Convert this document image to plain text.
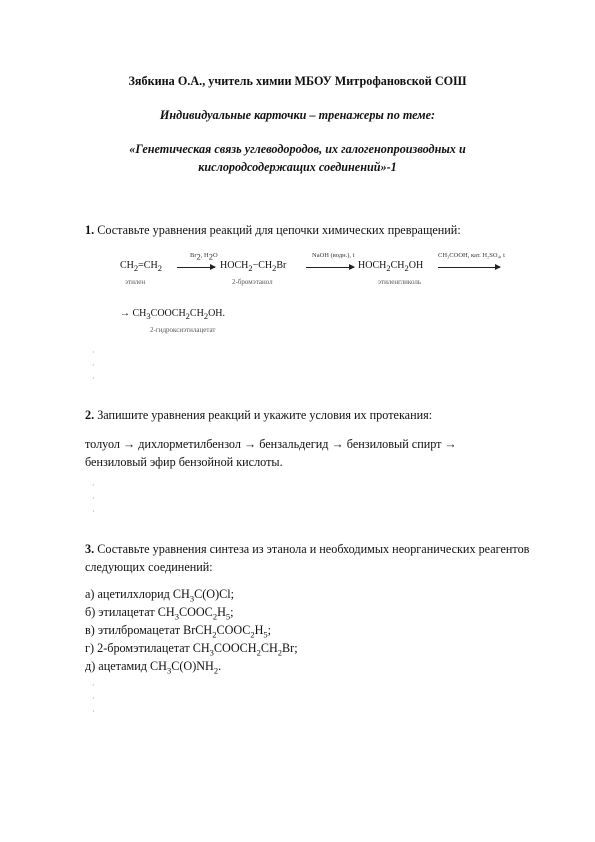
Зябкина О.А., учитель химии МБОУ Митрофановской СОШ
Индивидуальные карточки – тренажеры по теме:
«Генетическая связь углеводородов, их галогенопроизводных и
кислородсодержащих соединений»-1
1. Составьте уравнения реакций для цепочки химических превращений:
$CH_2=CH_2$
этилен
$Br_2$, $H_2O$
$HOCH_2-CH_2Br$
2-бромэтанол
NaOH (водн.), t
$HOCH_2CH_2OH$
этиленгликоль
CH₃COOH, кат. H₂SO₄, t
→ $CH_3COOCH_2CH_2OH$.
2-гидроксиэтилацетат
·
·
·
2. Запишите уравнения реакций и укажите условия их протекания:
толуол → дихлорметилбензол → бензальдегид → бензиловый спирт →
бензиловый эфир бензойной кислоты.
·
·
·
3. Составьте уравнения синтеза из этанола и необходимых неорганических реагентов следующих соединений:
а) ацетилхлорид $CH_3C(O)Cl$;
б) этилацетат $CH_3COOC_2H_5$;
в) этилбромацетат $BrCH_2COOC_2H_5$;
г) 2-бромэтилацетат $CH_3COOCH_2CH_2Br$;
д) ацетамид $CH_3C(O)NH_2$.
·
·
·
